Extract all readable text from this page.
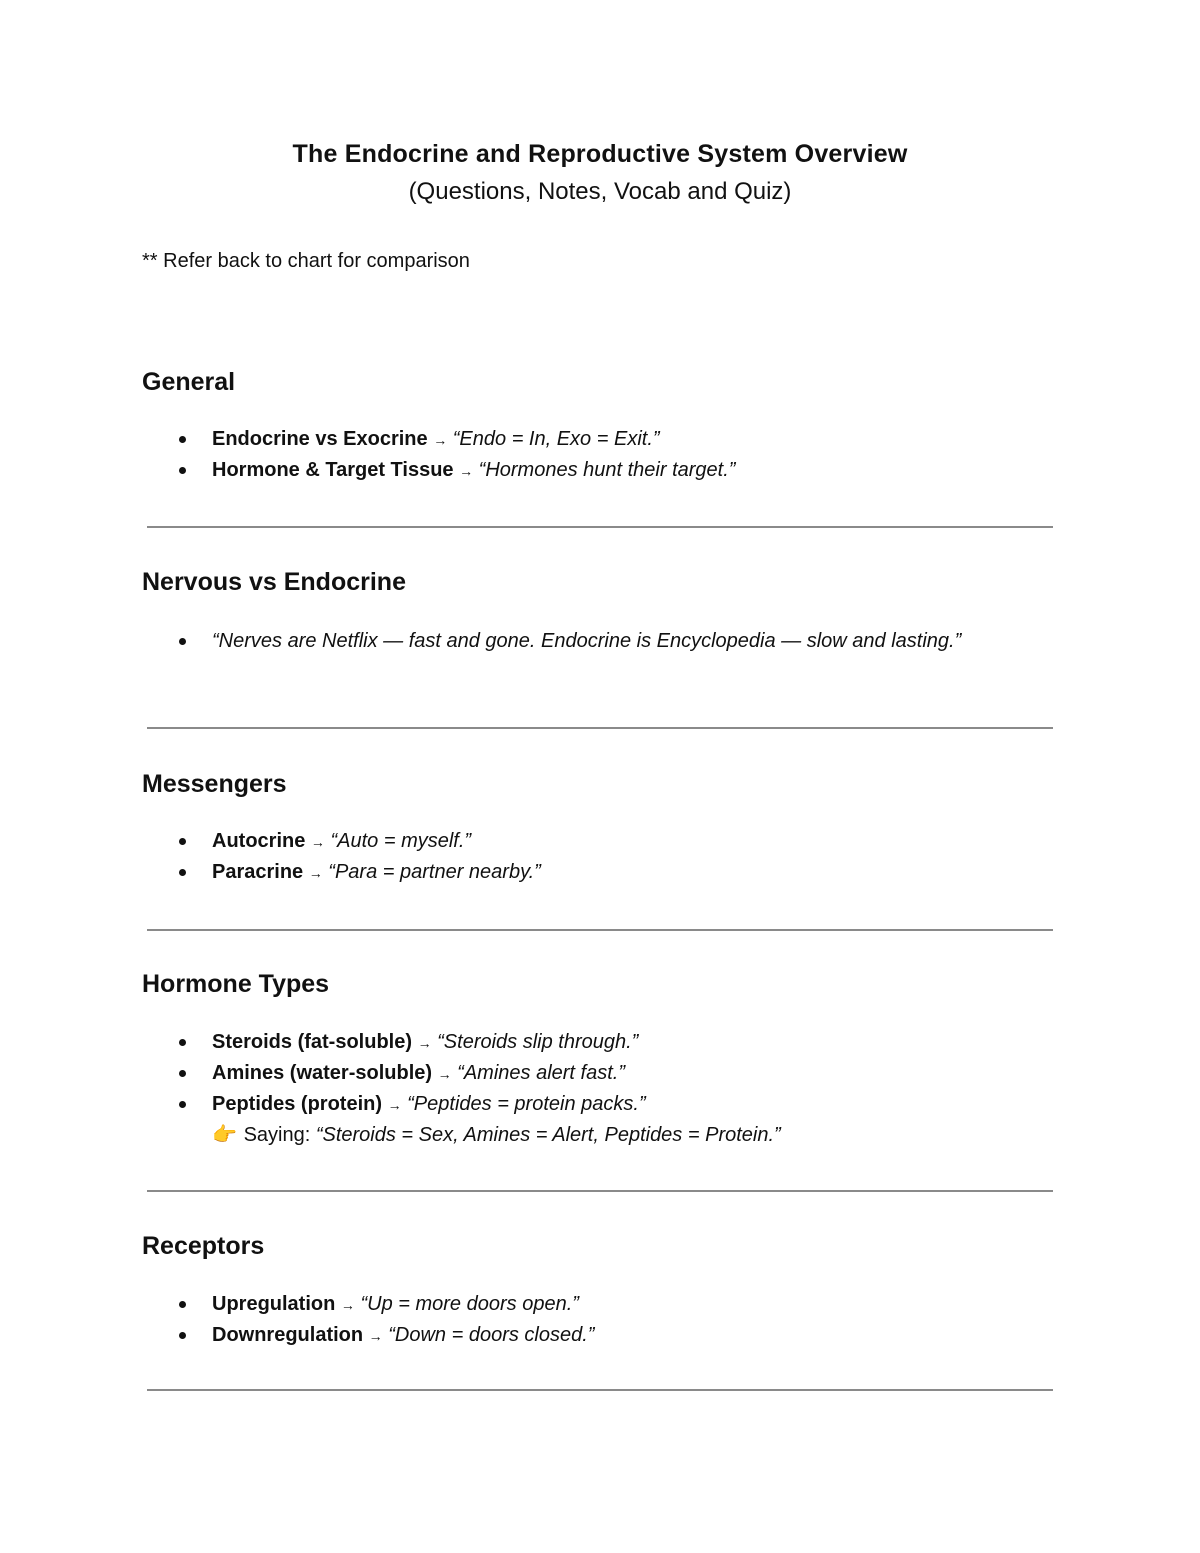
The Endocrine and Reproductive System Overview
(Questions, Notes, Vocab and Quiz)
** Refer back to chart for comparison
General
Endocrine vs Exocrine → “Endo = In, Exo = Exit.”
Hormone & Target Tissue → “Hormones hunt their target.”
Nervous vs Endocrine
“Nerves are Netflix — fast and gone. Endocrine is Encyclopedia — slow and lasting.”
Messengers
Autocrine → “Auto = myself.”
Paracrine → “Para = partner nearby.”
Hormone Types
Steroids (fat-soluble) → “Steroids slip through.”
Amines (water-soluble) → “Amines alert fast.”
Peptides (protein) → “Peptides = protein packs.”
👉 Saying: “Steroids = Sex, Amines = Alert, Peptides = Protein.”
Receptors
Upregulation → “Up = more doors open.”
Downregulation → “Down = doors closed.”
